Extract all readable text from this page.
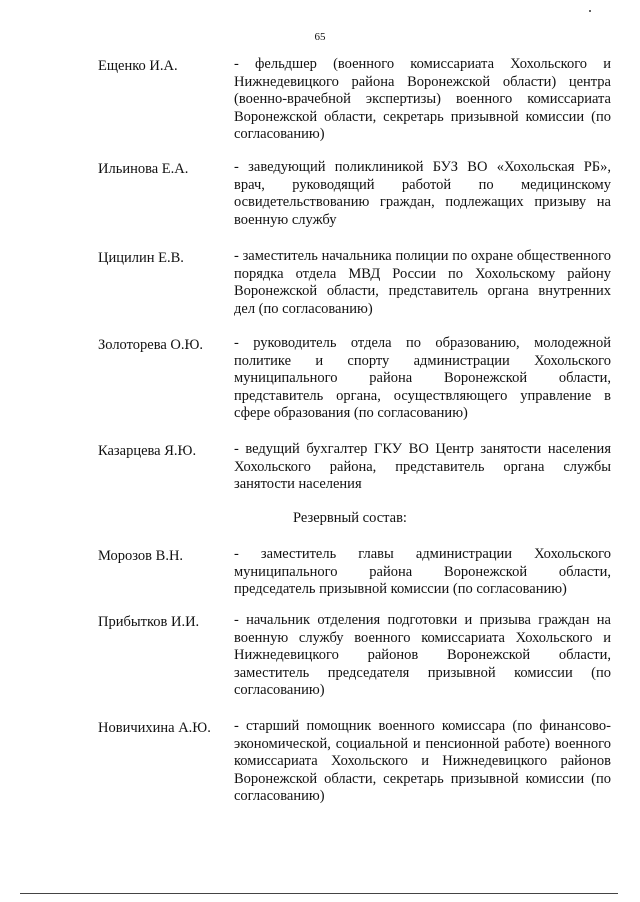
65
Ещенко И.А.	- фельдшер (военного комиссариата Хохольского и Нижнедевицкого района Воронежской области) центра (военно-врачебной экспертизы) военного комиссариата Воронежской области, секретарь призывной комиссии (по согласованию)

Ильинова Е.А.	- заведующий поликлиникой БУЗ ВО «Хохольская РБ», врач, руководящий работой по медицинскому освидетельствованию граждан, подлежащих призыву на военную службу

Цицилин Е.В.	- заместитель начальника полиции по охране общественного порядка отдела МВД России по Хохольскому району Воронежской области, представитель органа внутренних дел (по согласованию)

Золоторева О.Ю. - руководитель отдела по образованию, молодежной политике и спорту администрации Хохольского муниципального района Воронежской области, представитель органа, осуществляющего управление в сфере образования (по согласованию)

Казарцева Я.Ю.	- ведущий бухгалтер ГКУ ВО Центр занятости населения Хохольского района, представитель органа службы занятости населения

Резервный состав:
Морозов В.Н.	- заместитель главы администрации Хохольского муниципального района Воронежской области, председатель призывной комиссии (по согласованию)

Прибытков И.И. - начальник отделения подготовки и призыва граждан на военную службу военного комиссариата Хохольского и Нижнедевицкого районов Воронежской области, заместитель председателя призывной комиссии (по согласованию)

Новичихина А.Ю. - старший помощник военного комиссара (по финансово-экономической, социальной и пенсионной работе) военного комиссариата Хохольского и Нижнедевицкого районов Воронежской области, секретарь призывной комиссии (по согласованию)
